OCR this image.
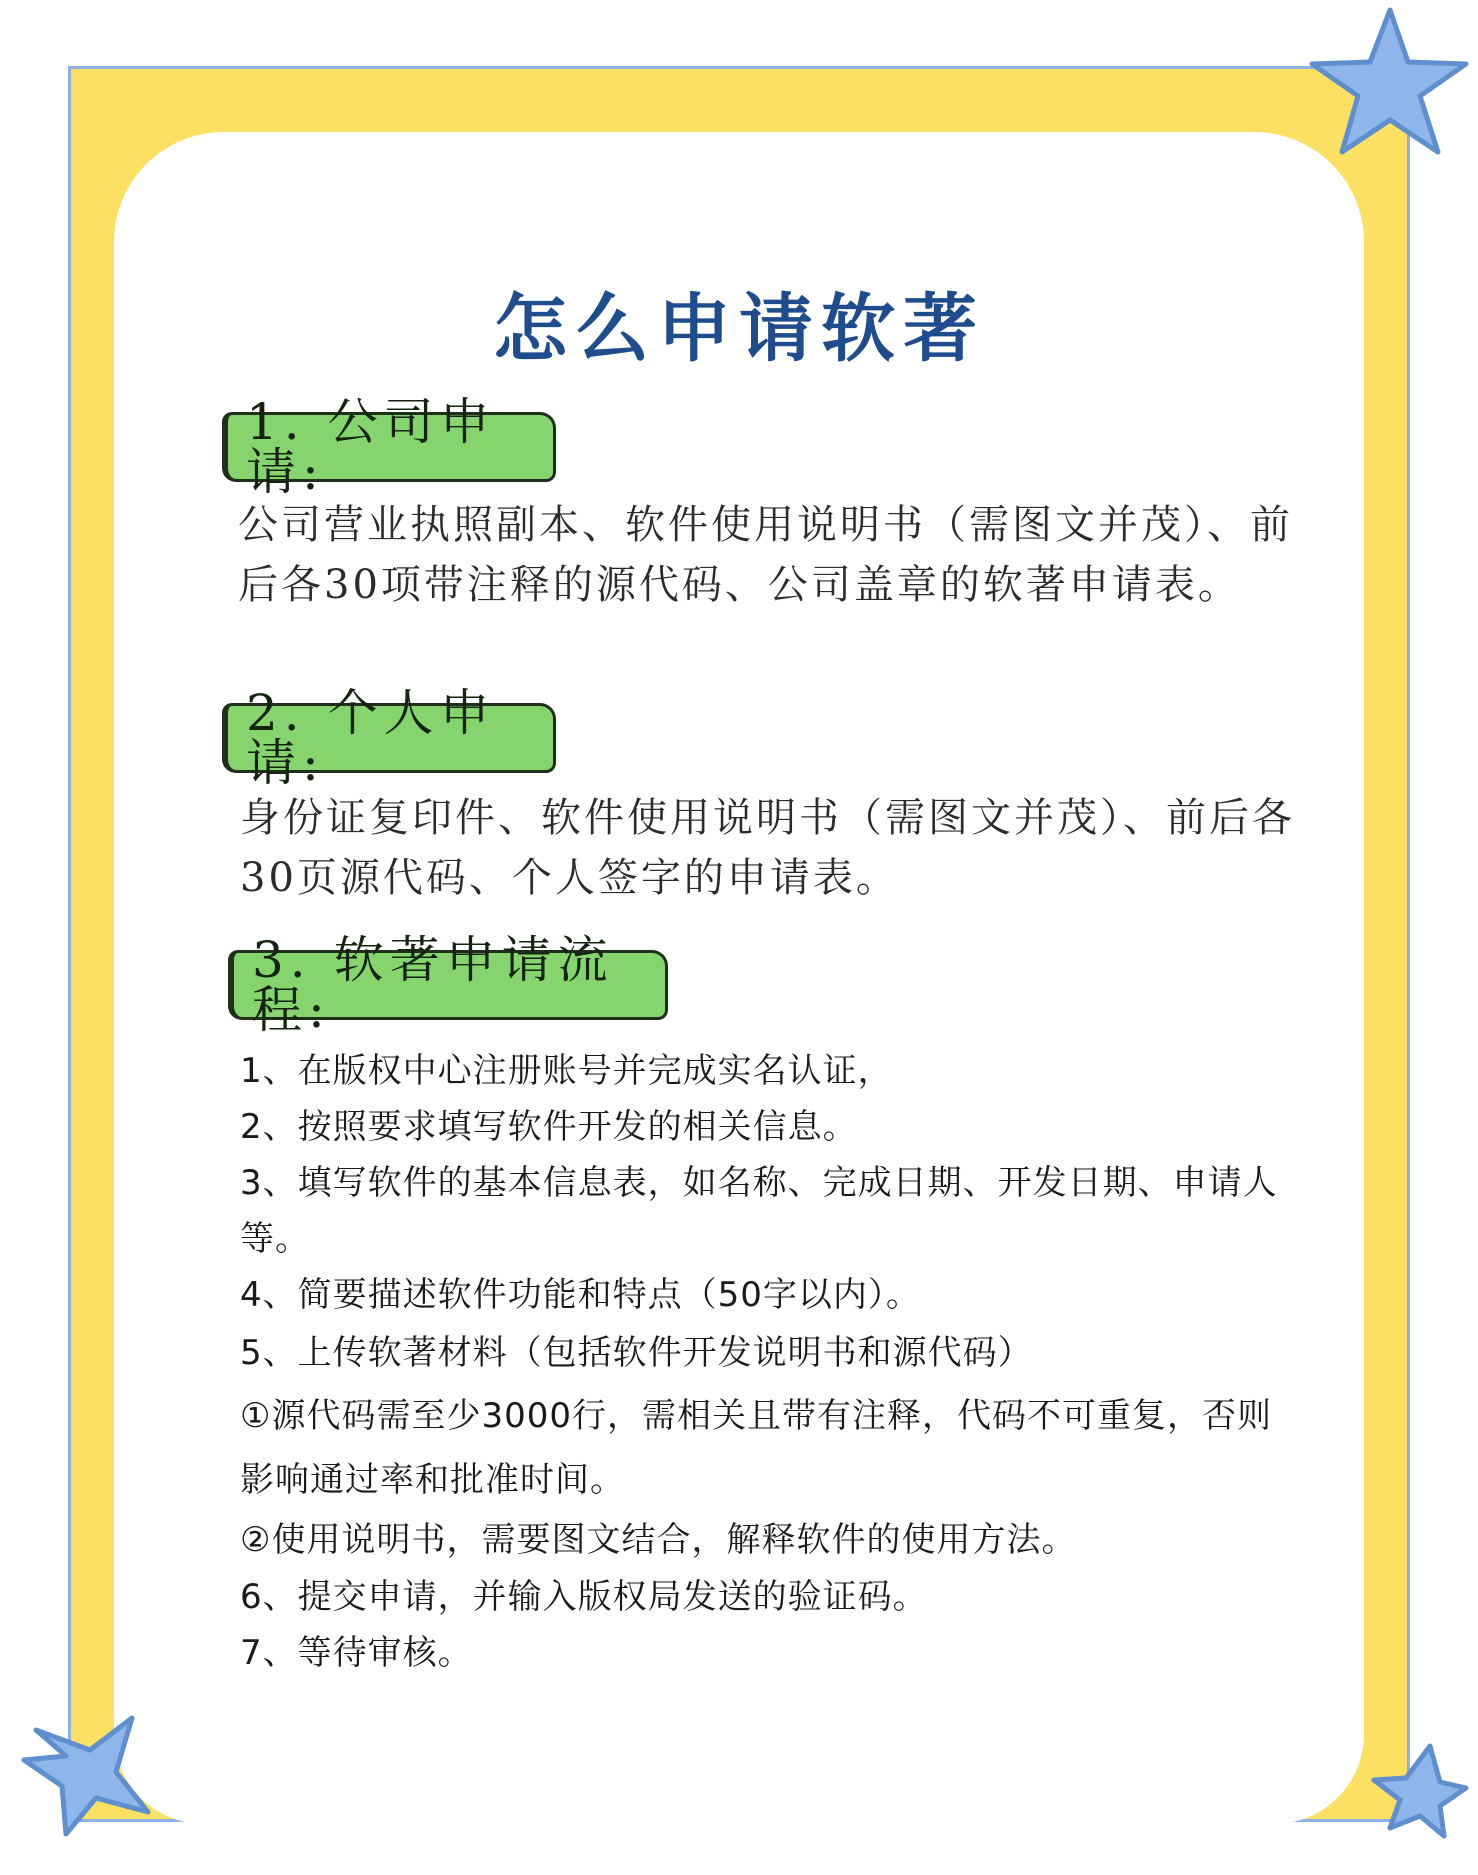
怎么申请软著
1. 公司申请:
公司营业执照副本、软件使用说明书（需图文并茂）、前
后各30项带注释的源代码、公司盖章的软著申请表。
2. 个人申请:
身份证复印件、软件使用说明书（需图文并茂）、前后各
30页源代码、个人签字的申请表。
3. 软著申请流程:
1、在版权中心注册账号并完成实名认证，
2、按照要求填写软件开发的相关信息。
3、填写软件的基本信息表，如名称、完成日期、开发日期、申请人
等。
4、简要描述软件功能和特点（50字以内）。
5、上传软著材料（包括软件开发说明书和源代码）
①源代码需至少3000行，需相关且带有注释，代码不可重复，否则
影响通过率和批准时间。
②使用说明书，需要图文结合，解释软件的使用方法。
6、提交申请，并输入版权局发送的验证码。
7、等待审核。
